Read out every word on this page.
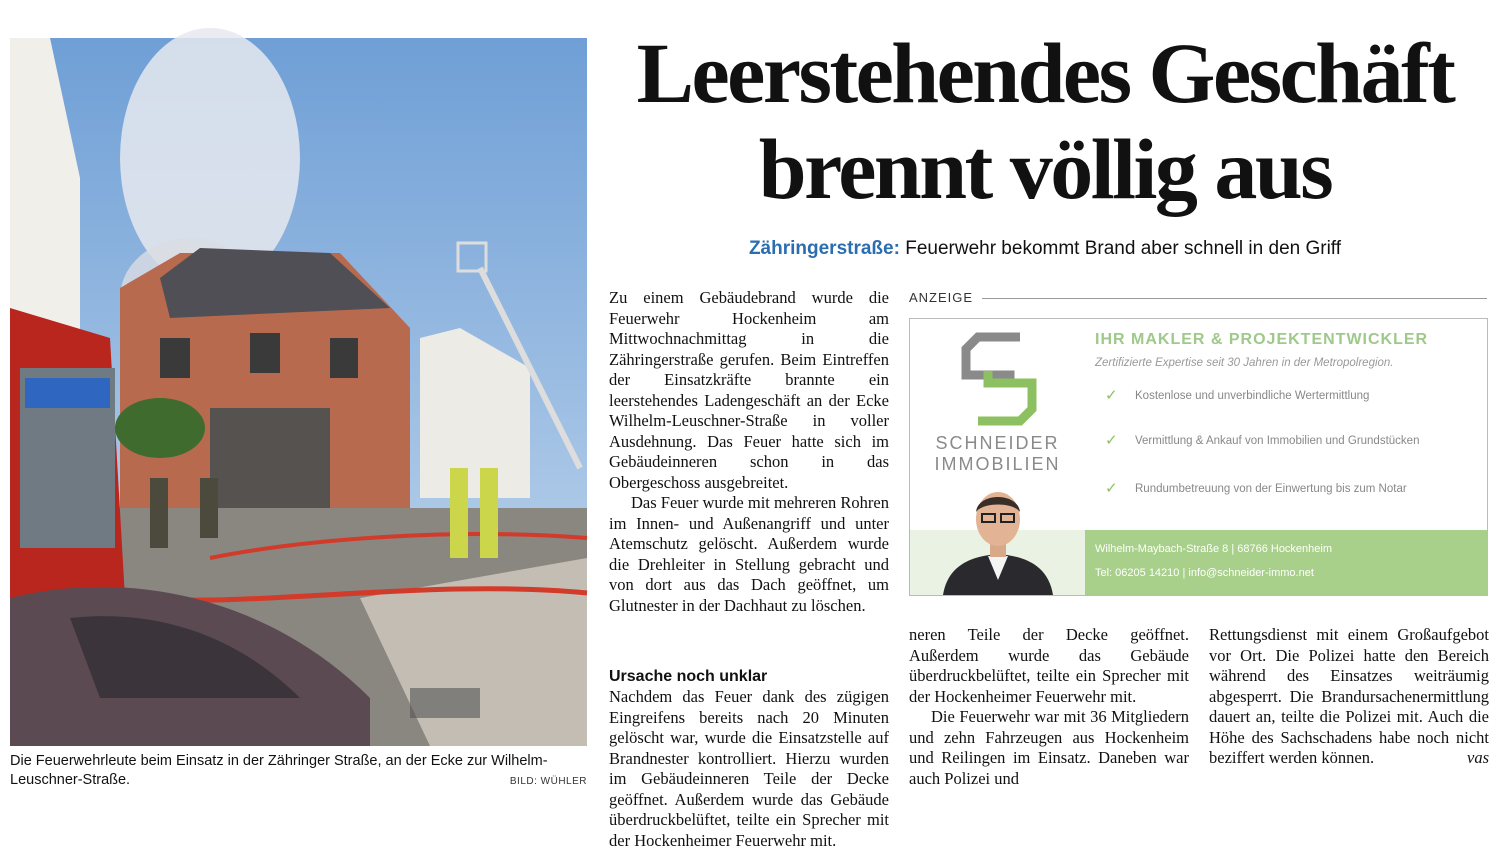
Die Feuerwehrleute beim Einsatz in der Zähringer Straße, an der Ecke zur Wilhelm-Leuschner-Straße.	BILD: WÜHLER
Leerstehendes Geschäft
brennt völlig aus
Zähringerstraße: Feuerwehr bekommt Brand aber schnell in den Griff

Zu einem Gebäudebrand wurde die Feuerwehr Hockenheim am Mittwochnachmittag in die Zähringerstraße gerufen. Beim Eintreffen der Einsatzkräfte brannte ein leerstehendes Ladengeschäft an der Ecke Wilhelm-Leuschner-Straße in voller Ausdehnung. Das Feuer hatte sich im Gebäudeinneren schon in das Obergeschoss ausgebreitet.

Das Feuer wurde mit mehreren Rohren im Innen- und Außenangriff und unter Atemschutz gelöscht. Außerdem wurde die Drehleiter in Stellung gebracht und von dort aus das Dach geöffnet, um Glutnester in der Dachhaut zu löschen.

Ursache noch unklar

Nachdem das Feuer dank des zügigen Eingreifens bereits nach 20 Minuten gelöscht war, wurde die Einsatzstelle auf Brandnester kontrolliert. Hierzu wurden im Gebäudeinneren Teile der Decke geöffnet. Außerdem wurde das Gebäude überdruckbelüftet, teilte ein Sprecher mit der Hockenheimer Feuerwehr mit.

neren Teile der Decke geöffnet. Außerdem wurde das Gebäude überdruckbelüftet, teilte ein Sprecher mit der Hockenheimer Feuerwehr mit.

Die Feuerwehr war mit 36 Mitgliedern und zehn Fahrzeugen aus Hockenheim und Reilingen im Einsatz. Daneben war auch Polizei und

Rettungsdienst mit einem Großaufgebot vor Ort. Die Polizei hatte den Bereich während des Einsatzes weiträumig abgesperrt. Die Brandursachenermittlung dauert an, teilte die Polizei mit. Auch die Höhe des Sachschadens habe noch nicht beziffert werden können.	vas

ANZEIGE
SCHNEIDER
IMMOBILIEN
IHR MAKLER & PROJEKTENTWICKLER
Zertifizierte Expertise seit 30 Jahren in der Metropolregion.
✓ Kostenlose und unverbindliche Wertermittlung
✓ Vermittlung & Ankauf von Immobilien und Grundstücken
✓ Rundumbetreuung von der Einwertung bis zum Notar
Wilhelm-Maybach-Straße 8 | 68766 Hockenheim
Tel: 06205 14210 | info@schneider-immo.net
